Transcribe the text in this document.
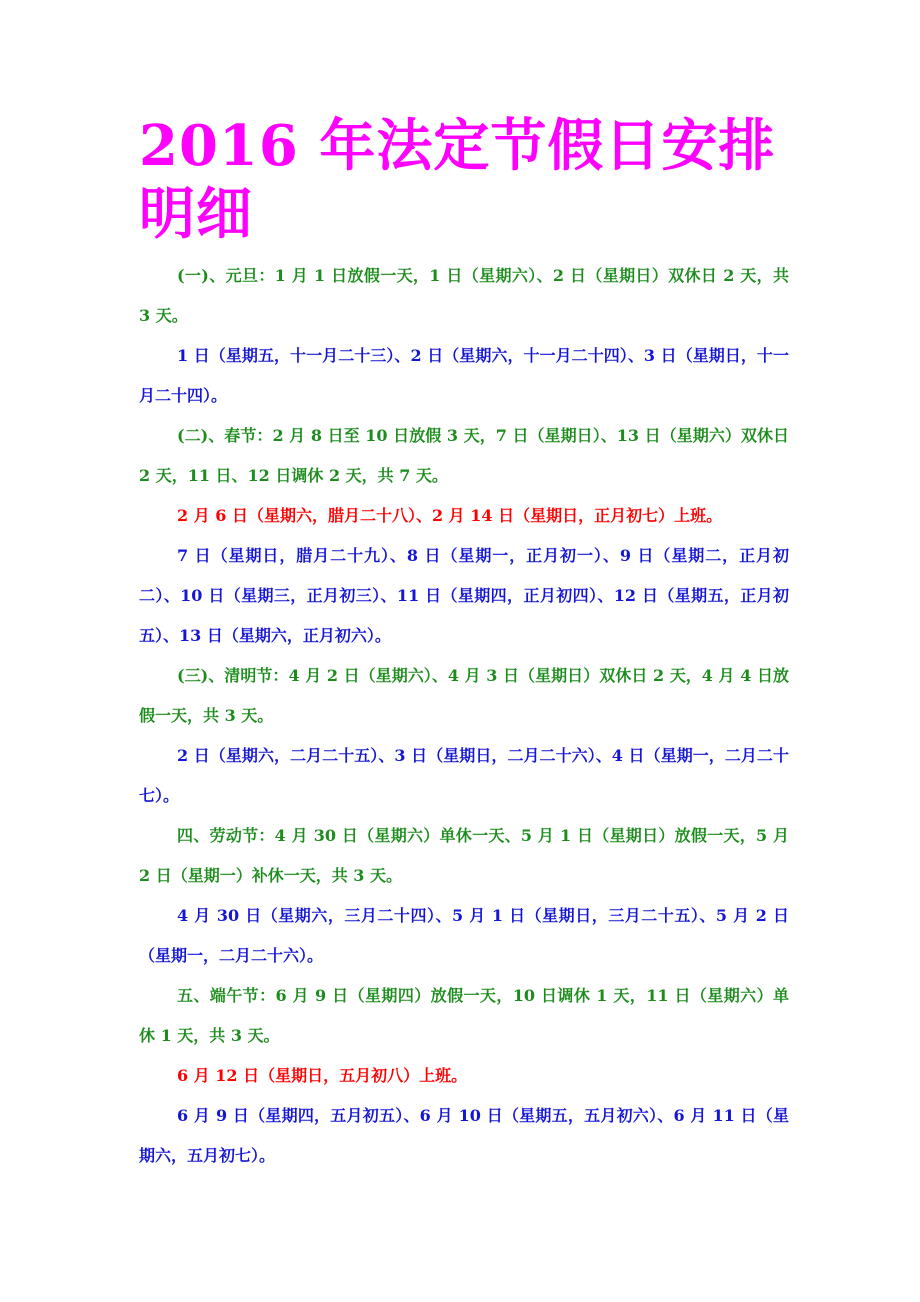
2016 年法定节假日安排明细

(一)、元旦：1 月 1 日放假一天，1 日（星期六）、2 日（星期日）双休日 2 天，共 3 天。

1 日（星期五，十一月二十三）、2 日（星期六，十一月二十四）、3 日（星期日，十一月二十四）。

(二)、春节：2 月 8 日至 10 日放假 3 天，7 日（星期日）、13 日（星期六）双休日 2 天，11 日、12 日调休 2 天，共 7 天。

2 月 6 日（星期六，腊月二十八）、2 月 14 日（星期日，正月初七）上班。

7 日（星期日，腊月二十九）、8 日（星期一，正月初一）、9 日（星期二，正月初二）、10 日（星期三，正月初三）、11 日（星期四，正月初四）、12 日（星期五，正月初五）、13 日（星期六，正月初六）。

(三)、清明节：4 月 2 日（星期六）、4 月 3 日（星期日）双休日 2 天，4 月 4 日放假一天，共 3 天。

2 日（星期六，二月二十五）、3 日（星期日，二月二十六）、4 日（星期一，二月二十七）。

四、劳动节：4 月 30 日（星期六）单休一天、5 月 1 日（星期日）放假一天，5 月 2 日（星期一）补休一天，共 3 天。

4 月 30 日（星期六，三月二十四）、5 月 1 日（星期日，三月二十五）、5 月 2 日（星期一，二月二十六）。

五、端午节：6 月 9 日（星期四）放假一天，10 日调休 1 天，11 日（星期六）单休 1 天，共 3 天。

6 月 12 日（星期日，五月初八）上班。

6 月 9 日（星期四，五月初五）、6 月 10 日（星期五，五月初六）、6 月 11 日（星期六，五月初七）。
